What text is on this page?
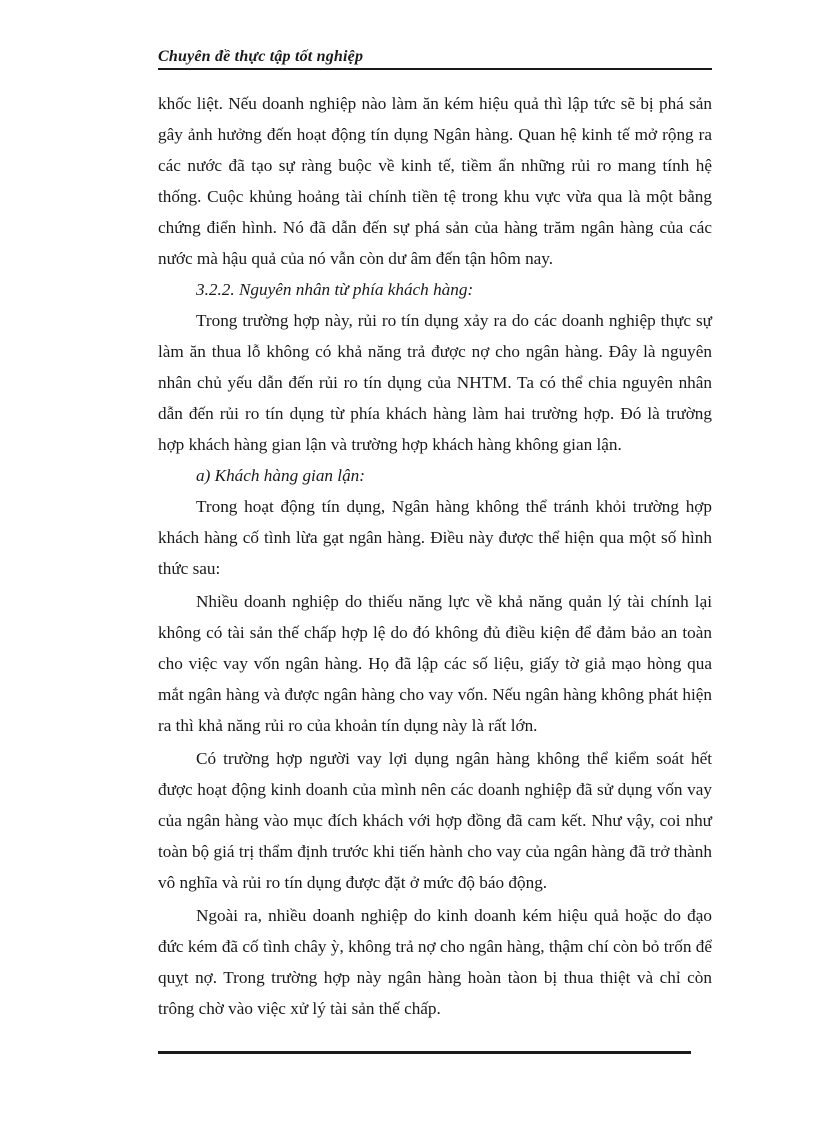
Chuyên đề thực tập tốt nghiệp

khốc liệt. Nếu doanh nghiệp nào làm ăn kém hiệu quả thì lập tức sẽ bị phá sản gây ảnh hưởng đến hoạt động tín dụng Ngân hàng. Quan hệ kinh tế mở rộng ra các nước đã tạo sự ràng buộc về kinh tế, tiềm ẩn những rủi ro mang tính hệ thống. Cuộc khủng hoảng tài chính tiền tệ trong khu vực vừa qua là một bằng chứng điển hình. Nó đã dẫn đến sự phá sản của hàng trăm ngân hàng của các nước mà hậu quả của nó vẫn còn dư âm đến tận hôm nay.

3.2.2. Nguyên nhân từ phía khách hàng:

Trong trường hợp này, rủi ro tín dụng xảy ra do các doanh nghiệp thực sự làm ăn thua lỗ không có khả năng trả được nợ cho ngân hàng. Đây là nguyên nhân chủ yếu dẫn đến rủi ro tín dụng của NHTM. Ta có thể chia nguyên nhân dẫn đến rủi ro tín dụng từ phía khách hàng làm hai trường hợp. Đó là trường hợp khách hàng gian lận và trường hợp khách hàng không gian lận.

a) Khách hàng gian lận:

Trong hoạt động tín dụng, Ngân hàng không thể tránh khỏi trường hợp khách hàng cố tình lừa gạt ngân hàng. Điều này được thể hiện qua một số hình thức sau:

Nhiều doanh nghiệp do thiếu năng lực về khả năng quản lý tài chính lại không có tài sản thế chấp hợp lệ do đó không đủ điều kiện để đảm bảo an toàn cho việc vay vốn ngân hàng. Họ đã lập các số liệu, giấy tờ giả mạo hòng qua mắt ngân hàng và được ngân hàng cho vay vốn. Nếu ngân hàng không phát hiện ra thì khả năng rủi ro của khoản tín dụng này là rất lớn.

Có trường hợp người vay lợi dụng ngân hàng không thể kiểm soát hết được hoạt động kinh doanh của mình nên các doanh nghiệp đã sử dụng vốn vay của ngân hàng vào mục đích khách với hợp đồng đã cam kết. Như vậy, coi như toàn bộ giá trị thẩm định trước khi tiến hành cho vay của ngân hàng đã trở thành vô nghĩa và rủi ro tín dụng được đặt ở mức độ báo động.

Ngoài ra, nhiều doanh nghiệp do kinh doanh kém hiệu quả hoặc do đạo đức kém đã cố tình chây ỳ, không trả nợ cho ngân hàng, thậm chí còn bỏ trốn để quỵt nợ. Trong trường hợp này ngân hàng hoàn tàon bị thua thiệt và chỉ còn trông chờ vào việc xử lý tài sản thế chấp.
